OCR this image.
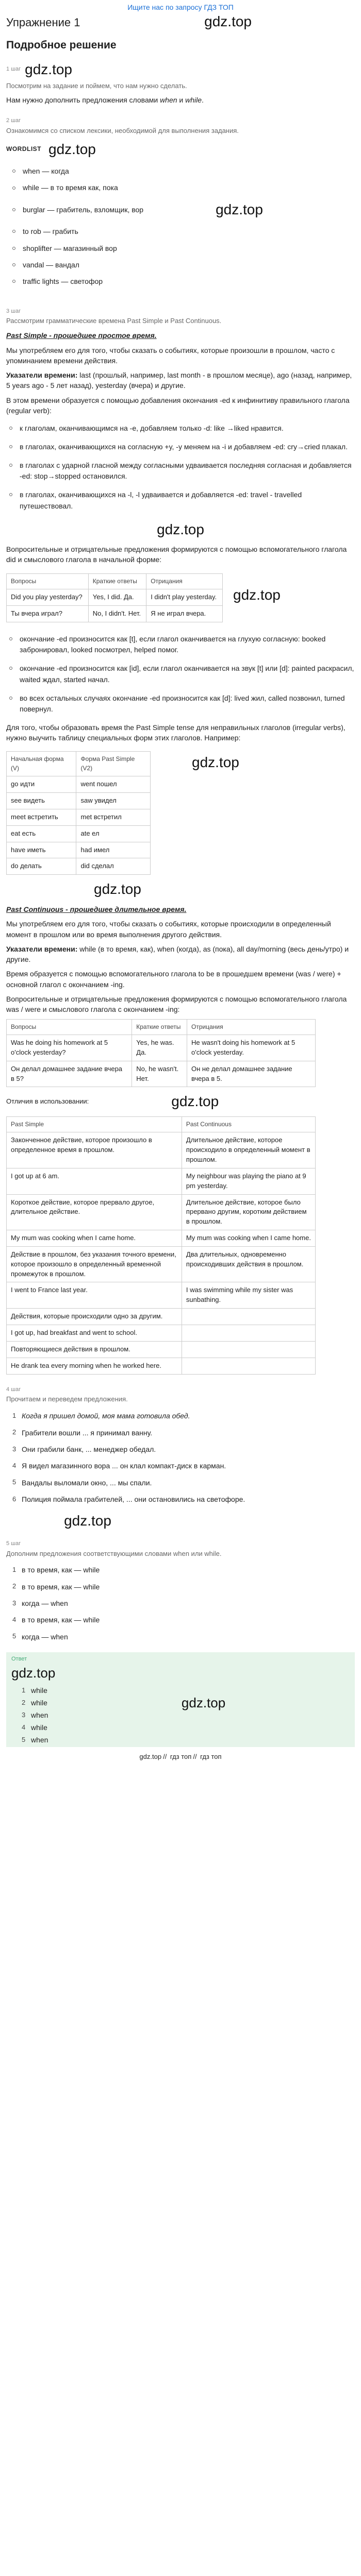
Ищите нас по запросу ГДЗ ТОП
Упражнение 1	gdz.top
Подробное решение
1 шаг gdz.top
Посмотрим на задание и поймем, что нам нужно сделать.

Нам нужно дополнить предложения словами when и while.

2 шаг
Ознакомимся со списком лексики, необходимой для выполнения задания.
WORDLIST gdz.top
when — когда
while — в то время как, пока
burglar — грабитель, взломщик, вор	gdz.top
to rob — грабить
shoplifter — магазинный вор
vandal — вандал
traffic lights — светофор
3 шаг
Рассмотрим грамматические времена Past Simple и Past Continuous.

Past Simple - прошедшее простое время.

Мы употребляем его для того, чтобы сказать о событиях, которые произошли в прошлом, часто с упоминанием времени действия.

Указатели времени: last (прошлый, например, last month - в прошлом месяце), ago (назад, например, 5 years ago - 5 лет назад), yesterday (вчера) и другие.

В этом времени образуется с помощью добавления окончания -ed к инфинитиву правильного глагола (regular verb):

к глаголам, оканчивающимся на -e, добавляем только -d: like →liked нравится.
в глаголах, оканчивающихся на согласную +y, -y меняем на -i и добавляем -ed: cry→cried плакал.
в глаголах с ударной гласной между согласными удваивается последняя согласная и добавляется -ed: stop→stopped остановился.
в глаголах, оканчивающихся на -l, -l удваивается и добавляется -ed: travel - travelled путешествовал.
gdz.top

Вопросительные и отрицательные предложения формируются с помощью вспомогательного глагола did и смыслового глагола в начальной форме:

Вопросы	Краткие ответы	Отрицания
Did you play yesterday?	Yes, I did. Да.	I didn't play yesterday.
Ты вчера играл?	No, I didn't. Нет.	Я не играл вчера.
gdz.top
окончание -ed произносится как [t], если глагол оканчивается на глухую согласную: booked забронировал, looked посмотрел, helped помог.
окончание -ed произносится как [id], если глагол оканчивается на звук [t] или [d]: painted раскрасил, waited ждал, started начал.
во всех остальных случаях окончание -ed произносится как [d]: lived жил, called позвонил, turned повернул.

Для того, чтобы образовать время the Past Simple tense для неправильных глаголов (irregular verbs), нужно выучить таблицу специальных форм этих глаголов. Например:

Начальная форма (V)	Форма Past Simple (V2)
go идти	went пошел
see видеть	saw увидел
meet встретить	met встретил
eat есть	ate ел
have иметь	had имел
do делать	did сделал
gdz.top
gdz.top

Past Continuous - прошедшее длительное время.

Мы употребляем его для того, чтобы сказать о событиях, которые происходили в определенный момент в прошлом или во время выполнения другого действия.

Указатели времени: while (в то время, как), when (когда), as (пока), all day/morning (весь день/утро) и другие.

Время образуется с помощью вспомогательного глагола to be в прошедшем времени (was / were) + основной глагол с окончанием -ing.

Вопросительные и отрицательные предложения формируются с помощью вспомогательного глагола was / were и смыслового глагола с окончанием -ing:

Вопросы	Краткие ответы	Отрицания
Was he doing his homework at 5 o'clock yesterday?	Yes, he was. Да.	He wasn't doing his homework at 5 o'clock yesterday.
Он делал домашнее задание вчера в 5?	No, he wasn't. Нет.	Он не делал домашнее задание вчера в 5.
Отличия в использовании:	gdz.top
Past Simple	Past Continuous
Законченное действие, которое произошло в определенное время в прошлом.	Длительное действие, которое происходило в определенный момент в прошлом.
I got up at 6 am.	My neighbour was playing the piano at 9 pm yesterday.
Короткое действие, которое прервало другое, длительное действие.	Длительное действие, которое было прервано другим, коротким действием в прошлом.
My mum was cooking when I came home.	My mum was cooking when I came home.
Действие в прошлом, без указания точного времени, которое произошло в определенный временной промежуток в прошлом.	Два длительных, одновременно происходивших действия в прошлом.
I went to France last year.	I was swimming while my sister was sunbathing.
Действия, которые происходили одно за другим.	
I got up, had breakfast and went to school.	
Повторяющиеся действия в прошлом.	
He drank tea every morning when he worked here.	
4 шаг
Прочитаем и переведем предложения.
1 Когда я пришел домой, моя мама готовила обед.
2 Грабители вошли ... я принимал ванну.
3 Они грабили банк, ... менеджер обедал.
4 Я видел магазинного вора ... он клал компакт-диск в карман.
5 Вандалы выломали окно, ... мы спали.
6 Полиция поймала грабителей, ... они остановились на светофоре.
gdz.top
5 шаг
Дополним предложения соответствующими словами when или while.
1 в то время, как — while
2 в то время, как — while
3 когда — when
4 в то время, как — while
5 когда — when
Ответ
gdz.top
1 while
2 while	gdz.top
3 when
4 while
5 when
gdz.top // гдз топ // гдз топ
